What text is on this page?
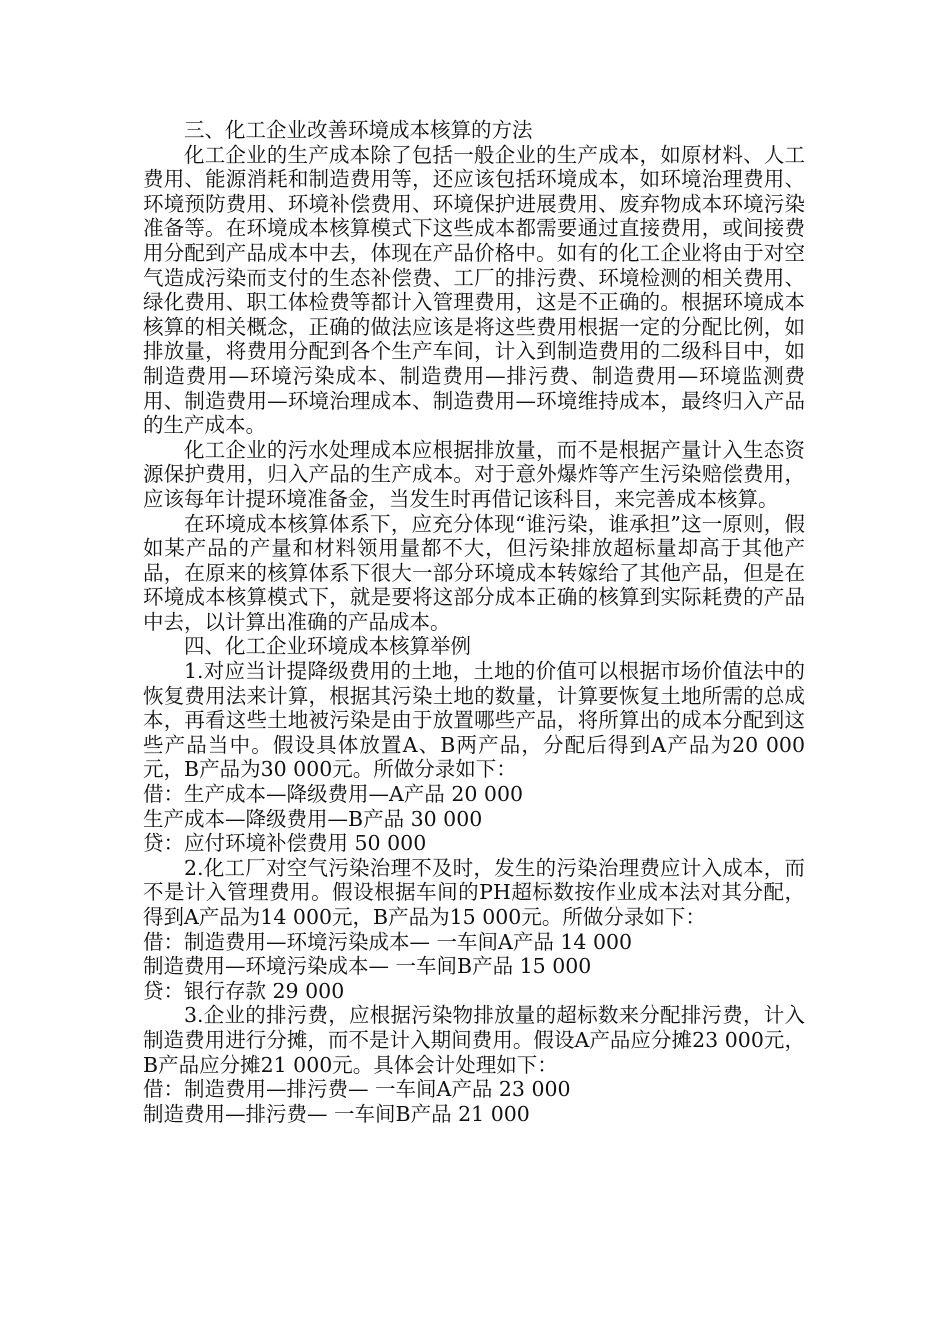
三、化工企业改善环境成本核算的方法

化工企业的生产成本除了包括一般企业的生产成本，如原材料、人工费用、能源消耗和制造费用等，还应该包括环境成本，如环境治理费用、环境预防费用、环境补偿费用、环境保护进展费用、废弃物成本环境污染准备等。在环境成本核算模式下这些成本都需要通过直接费用，或间接费用分配到产品成本中去，体现在产品价格中。如有的化工企业将由于对空气造成污染而支付的生态补偿费、工厂的排污费、环境检测的相关费用、绿化费用、职工体检费等都计入管理费用，这是不正确的。根据环境成本核算的相关概念，正确的做法应该是将这些费用根据一定的分配比例，如排放量，将费用分配到各个生产车间，计入到制造费用的二级科目中，如制造费用—环境污染成本、制造费用—排污费、制造费用—环境监测费用、制造费用—环境治理成本、制造费用—环境维持成本，最终归入产品的生产成本。

化工企业的污水处理成本应根据排放量，而不是根据产量计入生态资源保护费用，归入产品的生产成本。对于意外爆炸等产生污染赔偿费用，应该每年计提环境准备金，当发生时再借记该科目，来完善成本核算。

在环境成本核算体系下，应充分体现“谁污染，谁承担”这一原则，假如某产品的产量和材料领用量都不大，但污染排放超标量却高于其他产品，在原来的核算体系下很大一部分环境成本转嫁给了其他产品，但是在环境成本核算模式下，就是要将这部分成本正确的核算到实际耗费的产品中去，以计算出准确的产品成本。

四、化工企业环境成本核算举例

1.对应当计提降级费用的土地，土地的价值可以根据市场价值法中的恢复费用法来计算，根据其污染土地的数量，计算要恢复土地所需的总成本，再看这些土地被污染是由于放置哪些产品，将所算出的成本分配到这些产品当中。假设具体放置A、B两产品，分配后得到A产品为20 000元，B产品为30 000元。所做分录如下：

借：生产成本—降级费用—A产品 20 000

生产成本—降级费用—B产品 30 000

贷：应付环境补偿费用 50 000

2.化工厂对空气污染治理不及时，发生的污染治理费应计入成本，而不是计入管理费用。假设根据车间的PH超标数按作业成本法对其分配，得到A产品为14 000元，B产品为15 000元。所做分录如下：

借：制造费用—环境污染成本— 一车间A产品 14 000

制造费用—环境污染成本— 一车间B产品 15 000

贷：银行存款 29 000

3.企业的排污费，应根据污染物排放量的超标数来分配排污费，计入制造费用进行分摊，而不是计入期间费用。假设A产品应分摊23 000元，B产品应分摊21 000元。具体会计处理如下：

借：制造费用—排污费— 一车间A产品 23 000

制造费用—排污费— 一车间B产品 21 000
